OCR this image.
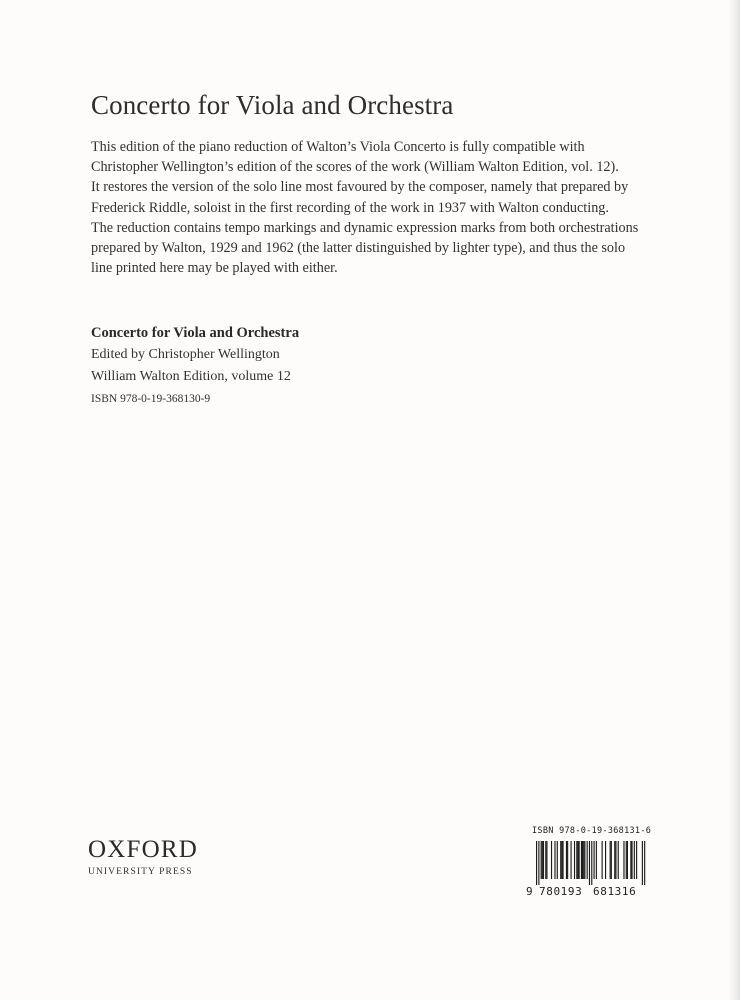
Concerto for Viola and Orchestra

This edition of the piano reduction of Walton’s Viola Concerto is fully compatible with
Christopher Wellington’s edition of the scores of the work (William Walton Edition, vol. 12).
It restores the version of the solo line most favoured by the composer, namely that prepared by
Frederick Riddle, soloist in the first recording of the work in 1937 with Walton conducting.
The reduction contains tempo markings and dynamic expression marks from both orchestrations
prepared by Walton, 1929 and 1962 (the latter distinguished by lighter type), and thus the solo
line printed here may be played with either.

Concerto for Viola and Orchestra
Edited by Christopher Wellington
William Walton Edition, volume 12
ISBN 978-0-19-368130-9
OXFORD
UNIVERSITY PRESS
ISBN 978-0-19-368131-6
9 780193 681316
